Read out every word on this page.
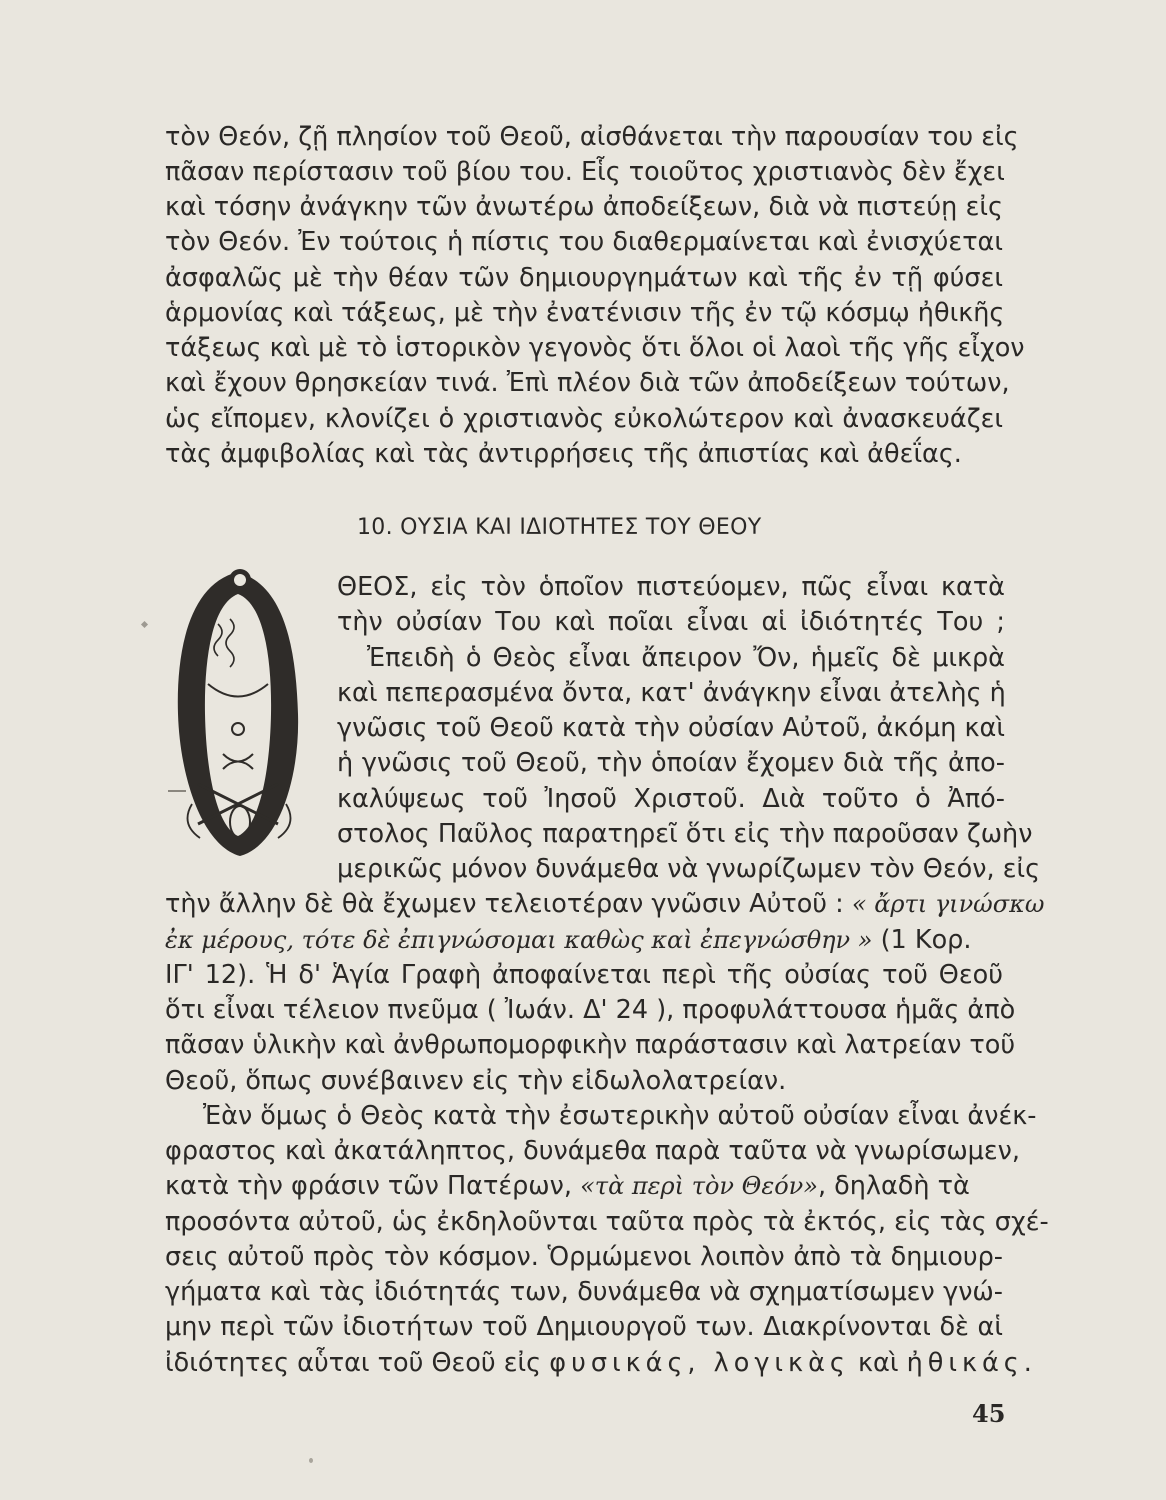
τὸν Θεόν, ζῇ πλησίον τοῦ Θεοῦ, αἰσθάνεται τὴν παρουσίαν του εἰς
πᾶσαν περίστασιν τοῦ βίου του. Εἷς τοιοῦτος χριστιανὸς δὲν ἔχει
καὶ τόσην ἀνάγκην τῶν ἀνωτέρω ἀποδείξεων, διὰ νὰ πιστεύῃ εἰς
τὸν Θεόν. Ἐν τούτοις ἡ πίστις του διαθερμαίνεται καὶ ἐνισχύεται
ἀσφαλῶς μὲ τὴν θέαν τῶν δημιουργημάτων καὶ τῆς ἐν τῇ φύσει
ἁρμονίας καὶ τάξεως, μὲ τὴν ἐνατένισιν τῆς ἐν τῷ κόσμῳ ἠθικῆς
τάξεως καὶ μὲ τὸ ἱστορικὸν γεγονὸς ὅτι ὅλοι οἱ λαοὶ τῆς γῆς εἶχον
καὶ ἔχουν θρησκείαν τινά. Ἐπὶ πλέον διὰ τῶν ἀποδείξεων τούτων,
ὡς εἴπομεν, κλονίζει ὁ χριστιανὸς εὐκολώτερον καὶ ἀνασκευάζει
τὰς ἀμφιβολίας καὶ τὰς ἀντιρρήσεις τῆς ἀπιστίας καὶ ἀθεΐας.
10. ΟΥΣΙΑ ΚΑΙ ΙΔΙΟΤΗΤΕΣ ΤΟΥ ΘΕΟΥ
ΘΕΟΣ, εἰς τὸν ὁποῖον πιστεύομεν, πῶς εἶναι κατὰ
τὴν οὐσίαν Του καὶ ποῖαι εἶναι αἱ ἰδιότητές Του ;
Ἐπειδὴ ὁ Θεὸς εἶναι ἄπειρον Ὄν, ἡμεῖς δὲ μικρὰ
καὶ πεπερασμένα ὄντα, κατ' ἀνάγκην εἶναι ἀτελὴς ἡ
γνῶσις τοῦ Θεοῦ κατὰ τὴν οὐσίαν Αὐτοῦ, ἀκόμη καὶ
ἡ γνῶσις τοῦ Θεοῦ, τὴν ὁποίαν ἔχομεν διὰ τῆς ἀπο-
καλύψεως τοῦ Ἰησοῦ Χριστοῦ. Διὰ τοῦτο ὁ Ἀπό-
στολος Παῦλος παρατηρεῖ ὅτι εἰς τὴν παροῦσαν ζωὴν
μερικῶς μόνον δυνάμεθα νὰ γνωρίζωμεν τὸν Θεόν, εἰς
τὴν ἄλλην δὲ θὰ ἔχωμεν τελειοτέραν γνῶσιν Αὐτοῦ : « ἄρτι γινώσκω
ἐκ μέρους, τότε δὲ ἐπιγνώσομαι καθὼς καὶ ἐπεγνώσθην » (1 Κορ.
ΙΓ' 12). Ἡ δ' Ἁγία Γραφὴ ἀποφαίνεται περὶ τῆς οὐσίας τοῦ Θεοῦ
ὅτι εἶναι τέλειον πνεῦμα ( Ἰωάν. Δ' 24 ), προφυλάττουσα ἡμᾶς ἀπὸ
πᾶσαν ὑλικὴν καὶ ἀνθρωπομορφικὴν παράστασιν καὶ λατρείαν τοῦ
Θεοῦ, ὅπως συνέβαινεν εἰς τὴν εἰδωλολατρείαν.
Ἐὰν ὅμως ὁ Θεὸς κατὰ τὴν ἐσωτερικὴν αὐτοῦ οὐσίαν εἶναι ἀνέκ-
φραστος καὶ ἀκατάληπτος, δυνάμεθα παρὰ ταῦτα νὰ γνωρίσωμεν,
κατὰ τὴν φράσιν τῶν Πατέρων, «τὰ περὶ τὸν Θεόν», δηλαδὴ τὰ
προσόντα αὐτοῦ, ὡς ἐκδηλοῦνται ταῦτα πρὸς τὰ ἐκτός, εἰς τὰς σχέ-
σεις αὐτοῦ πρὸς τὸν κόσμον. Ὁρμώμενοι λοιπὸν ἀπὸ τὰ δημιουρ-
γήματα καὶ τὰς ἰδιότητάς των, δυνάμεθα νὰ σχηματίσωμεν γνώ-
μην περὶ τῶν ἰδιοτήτων τοῦ Δημιουργοῦ των. Διακρίνονται δὲ αἱ
ἰδιότητες αὗται τοῦ Θεοῦ εἰς φυσικάς, λογικὰς καὶ ἠθικάς.
45
